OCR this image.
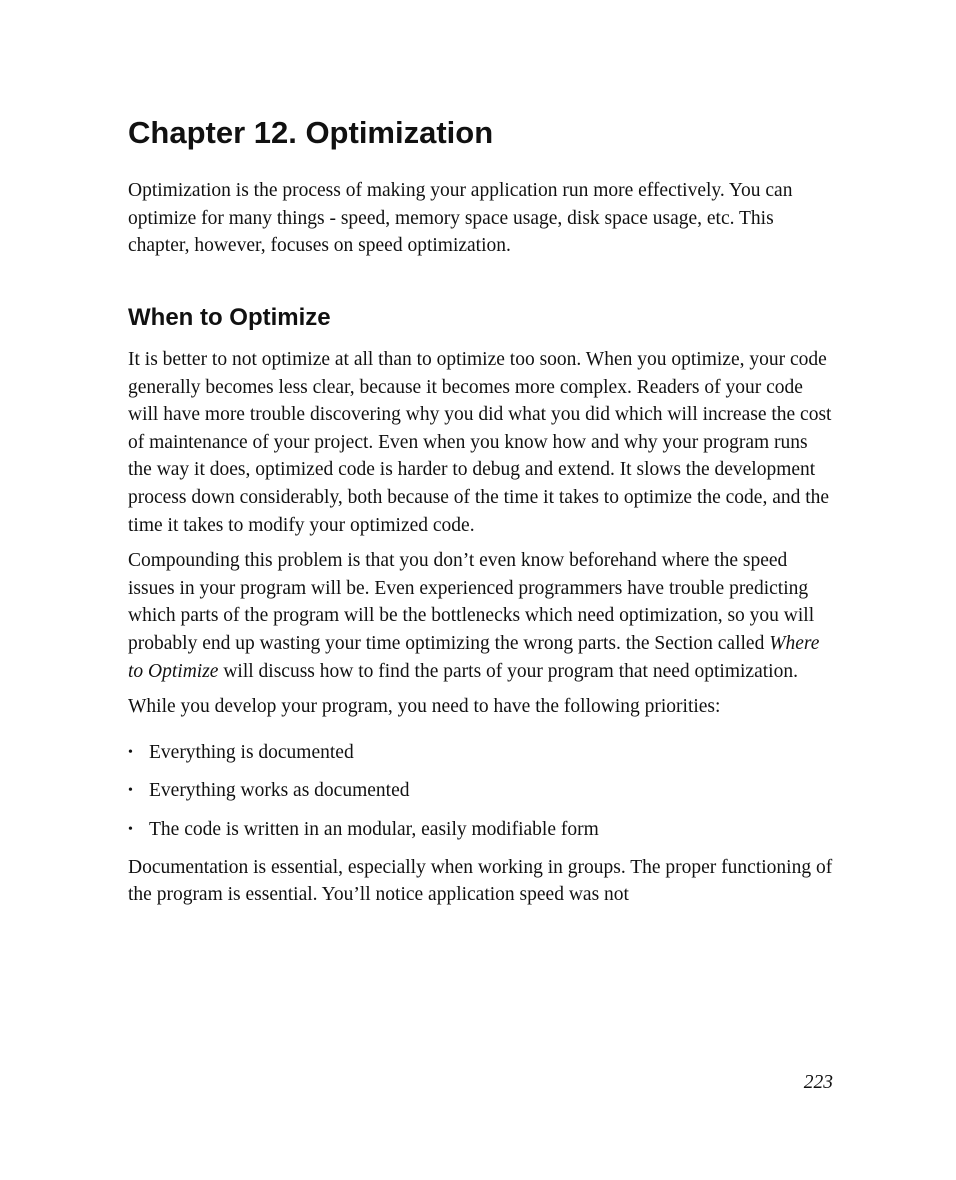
Chapter 12. Optimization

Optimization is the process of making your application run more effectively. You can optimize for many things - speed, memory space usage, disk space usage, etc. This chapter, however, focuses on speed optimization.

When to Optimize

It is better to not optimize at all than to optimize too soon. When you optimize, your code generally becomes less clear, because it becomes more complex. Readers of your code will have more trouble discovering why you did what you did which will increase the cost of maintenance of your project. Even when you know how and why your program runs the way it does, optimized code is harder to debug and extend. It slows the development process down considerably, both because of the time it takes to optimize the code, and the time it takes to modify your optimized code.

Compounding this problem is that you don’t even know beforehand where the speed issues in your program will be. Even experienced programmers have trouble predicting which parts of the program will be the bottlenecks which need optimization, so you will probably end up wasting your time optimizing the wrong parts. the Section called Where to Optimize will discuss how to find the parts of your program that need optimization.

While you develop your program, you need to have the following priorities:

• Everything is documented
• Everything works as documented
• The code is written in an modular, easily modifiable form

Documentation is essential, especially when working in groups. The proper functioning of the program is essential. You’ll notice application speed was not

223
